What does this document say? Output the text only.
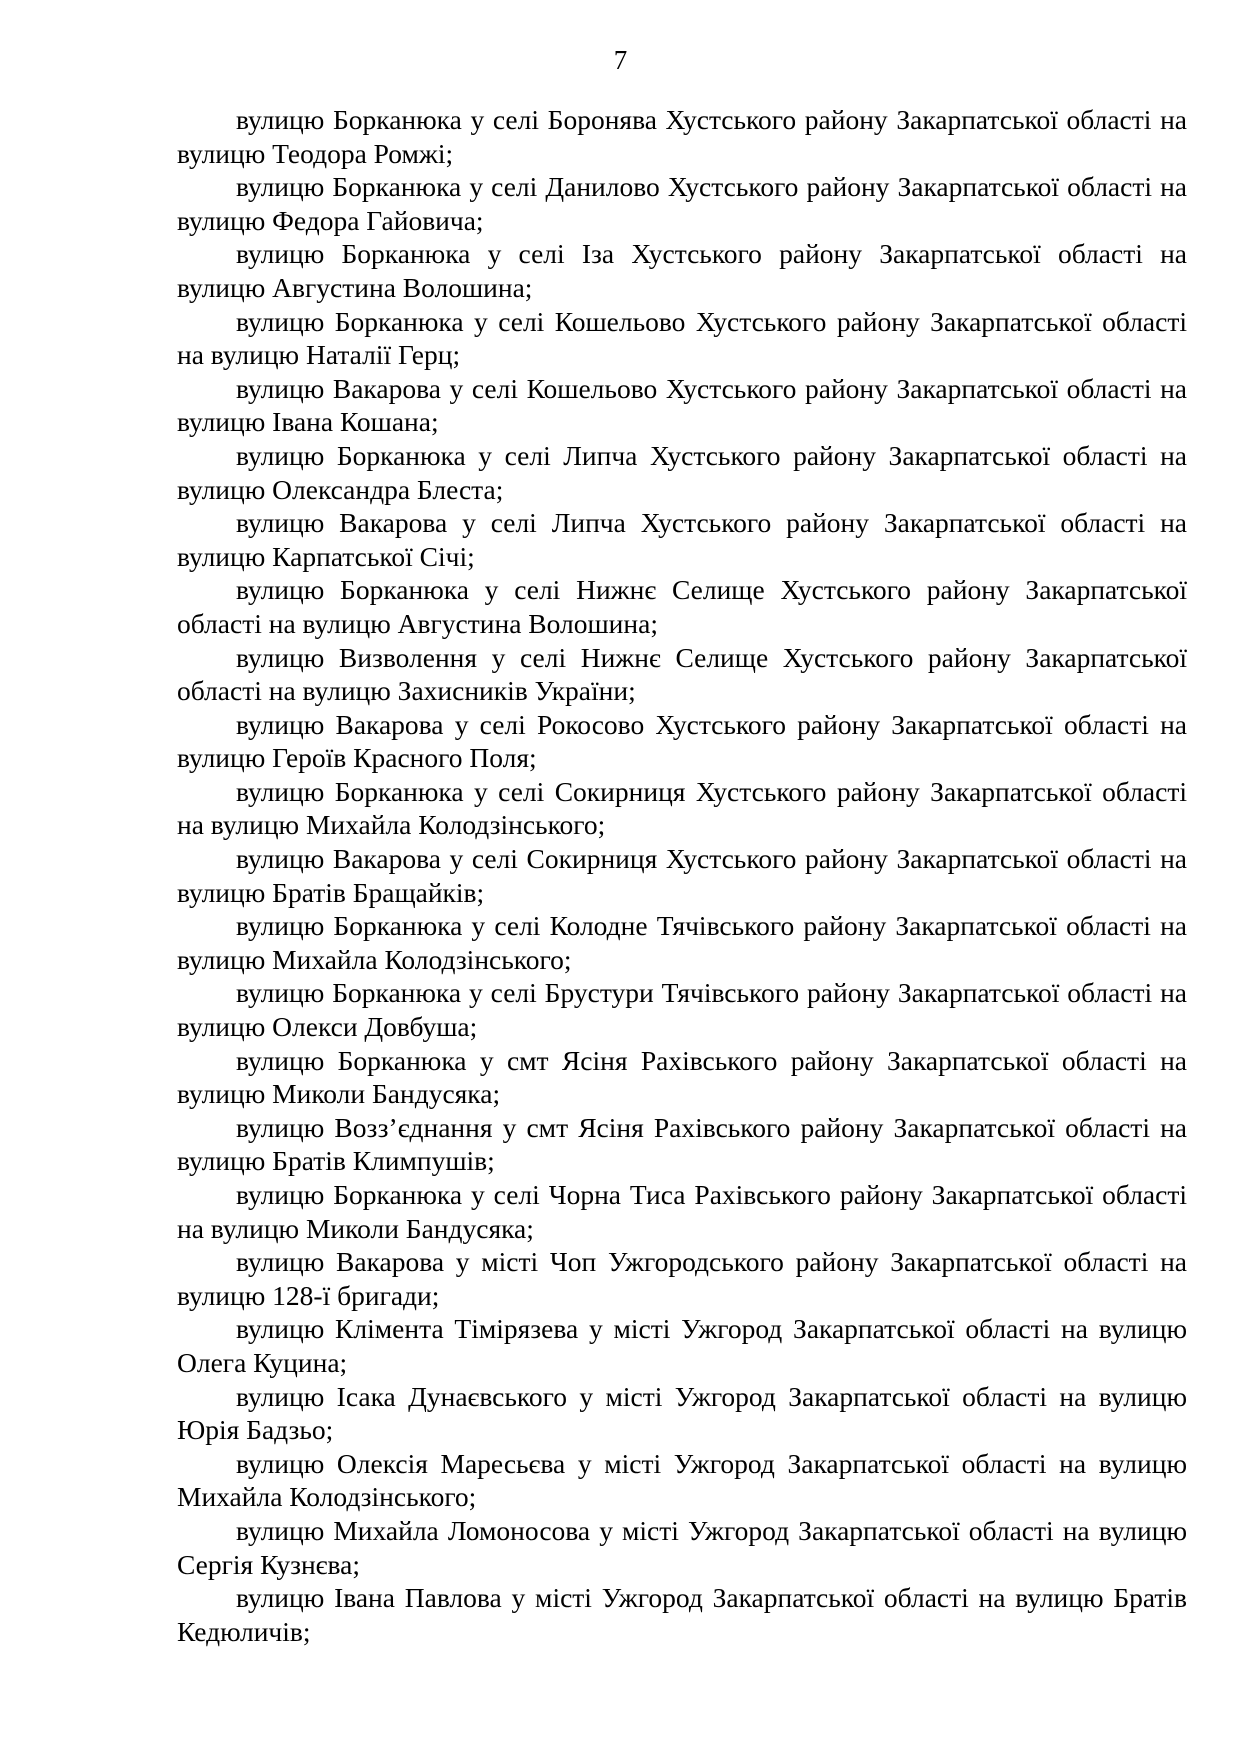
7

вулицю Борканюка у селі Боронява Хустського району Закарпатської області на вулицю Теодора Ромжі;

вулицю Борканюка у селі Данилово Хустського району Закарпатської області на вулицю Федора Гайовича;

вулицю Борканюка у селі Іза Хустського району Закарпатської області на вулицю Августина Волошина;

вулицю Борканюка у селі Кошельово Хустського району Закарпатської області на вулицю Наталії Герц;

вулицю Вакарова у селі Кошельово Хустського району Закарпатської області на вулицю Івана Кошана;

вулицю Борканюка у селі Липча Хустського району Закарпатської області на вулицю Олександра Блеста;

вулицю Вакарова у селі Липча Хустського району Закарпатської області на вулицю Карпатської Січі;

вулицю Борканюка у селі Нижнє Селище Хустського району Закарпатської області на вулицю Августина Волошина;

вулицю Визволення у селі Нижнє Селище Хустського району Закарпатської області на вулицю Захисників України;

вулицю Вакарова у селі Рокосово Хустського району Закарпатської області на вулицю Героїв Красного Поля;

вулицю Борканюка у селі Сокирниця Хустського району Закарпатської області на вулицю Михайла Колодзінського;

вулицю Вакарова у селі Сокирниця Хустського району Закарпатської області на вулицю Братів Бращайків;

вулицю Борканюка у селі Колодне Тячівського району Закарпатської області на вулицю Михайла Колодзінського;

вулицю Борканюка у селі Брустури Тячівського району Закарпатської області на вулицю Олекси Довбуша;

вулицю Борканюка у смт Ясіня Рахівського району Закарпатської області на вулицю Миколи Бандусяка;

вулицю Возз’єднання у смт Ясіня Рахівського району Закарпатської області на вулицю Братів Климпушів;

вулицю Борканюка у селі Чорна Тиса Рахівського району Закарпатської області на вулицю Миколи Бандусяка;

вулицю Вакарова у місті Чоп Ужгородського району Закарпатської області на вулицю 128-ї бригади;

вулицю Клімента Тімірязева у місті Ужгород Закарпатської області на вулицю Олега Куцина;

вулицю Ісака Дунаєвського у місті Ужгород Закарпатської області на вулицю Юрія Бадзьо;

вулицю Олексія Маресьєва у місті Ужгород Закарпатської області на вулицю Михайла Колодзінського;

вулицю Михайла Ломоносова у місті Ужгород Закарпатської області на вулицю Сергія Кузнєва;

вулицю Івана Павлова у місті Ужгород Закарпатської області на вулицю Братів Кедюличів;
